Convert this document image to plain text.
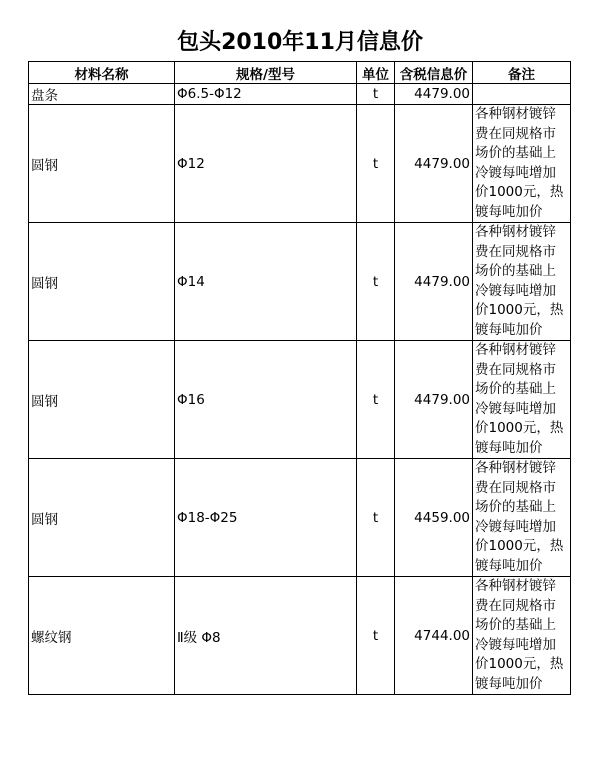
包头2010年11月信息价
材料名称	规格/型号	单位	含税信息价	备注
盘条	Φ6.5-Φ12	t	4479.00	
圆钢	Φ12	t	4479.00	各种钢材镀锌费在同规格市场价的基础上冷镀每吨增加价1000元，热镀每吨加价
圆钢	Φ14	t	4479.00	各种钢材镀锌费在同规格市场价的基础上冷镀每吨增加价1000元，热镀每吨加价
圆钢	Φ16	t	4479.00	各种钢材镀锌费在同规格市场价的基础上冷镀每吨增加价1000元，热镀每吨加价
圆钢	Φ18-Φ25	t	4459.00	各种钢材镀锌费在同规格市场价的基础上冷镀每吨增加价1000元，热镀每吨加价
螺纹钢	Ⅱ级 Φ8	t	4744.00	各种钢材镀锌费在同规格市场价的基础上冷镀每吨增加价1000元，热镀每吨加价
